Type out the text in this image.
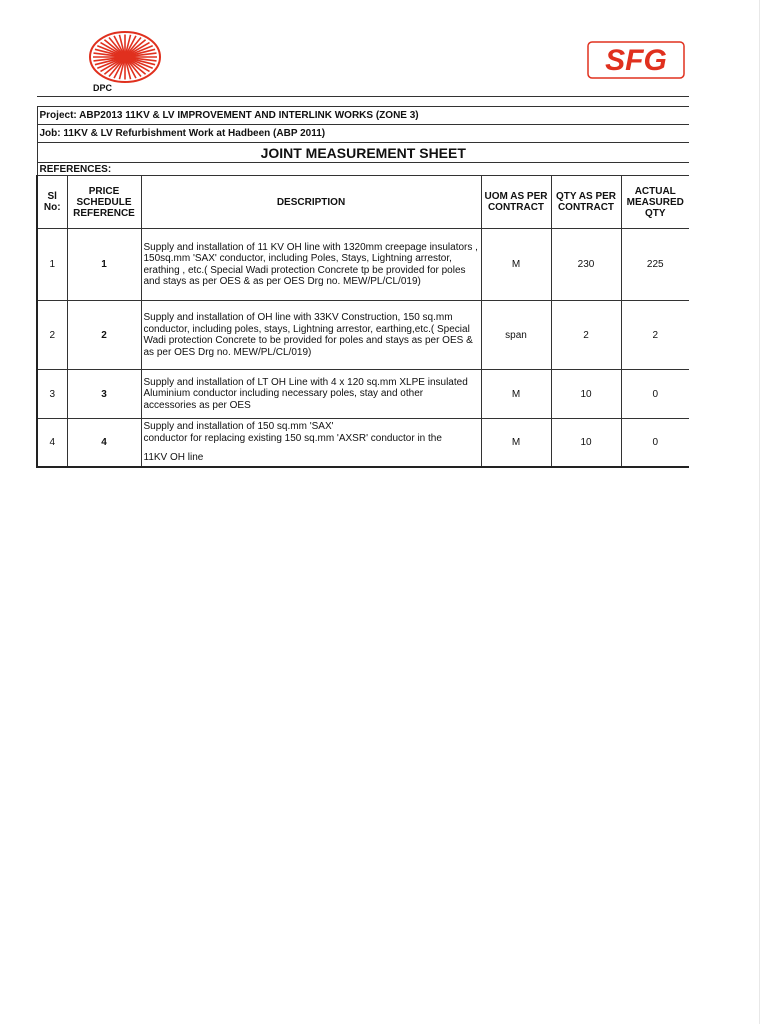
DPC
SFG

Project: ABP2013 11KV & LV IMPROVEMENT AND INTERLINK WORKS (ZONE 3)					
Job: 11KV & LV Refurbishment Work at Hadbeen (ABP 2011)					
JOINT MEASUREMENT SHEET					
REFERENCES:					
Sl No:	PRICE SCHEDULE REFERENCE	DESCRIPTION	UOM AS PER CONTRACT	QTY AS PER CONTRACT	ACTUAL MEASURED QTY
1	1	Supply and installation of 11 KV OH line with 1320mm creepage insulators , 150sq.mm 'SAX' conductor, including Poles, Stays, Lightning arrestor, erathing , etc.( Special Wadi protection Concrete tp be provided for poles and stays as per OES & as per OES Drg no. MEW/PL/CL/019)	M	230	225
2	2	Supply and installation of OH line with 33KV Construction, 150 sq.mm conductor, including poles, stays, Lightning arrestor, earthing,etc.( Special Wadi protection Concrete to be provided for poles and stays as per OES & as per OES Drg no. MEW/PL/CL/019)	span	2	2
3	3	Supply and installation of LT OH Line with 4 x 120 sq.mm XLPE insulated Aluminium conductor including necessary poles, stay and other accessories as per OES	M	10	0
4	4	Supply and installation of 150 sq.mm 'SAX'
conductor for replacing existing 150 sq.mm 'AXSR' conductor in the
11KV OH line	M	10	0
